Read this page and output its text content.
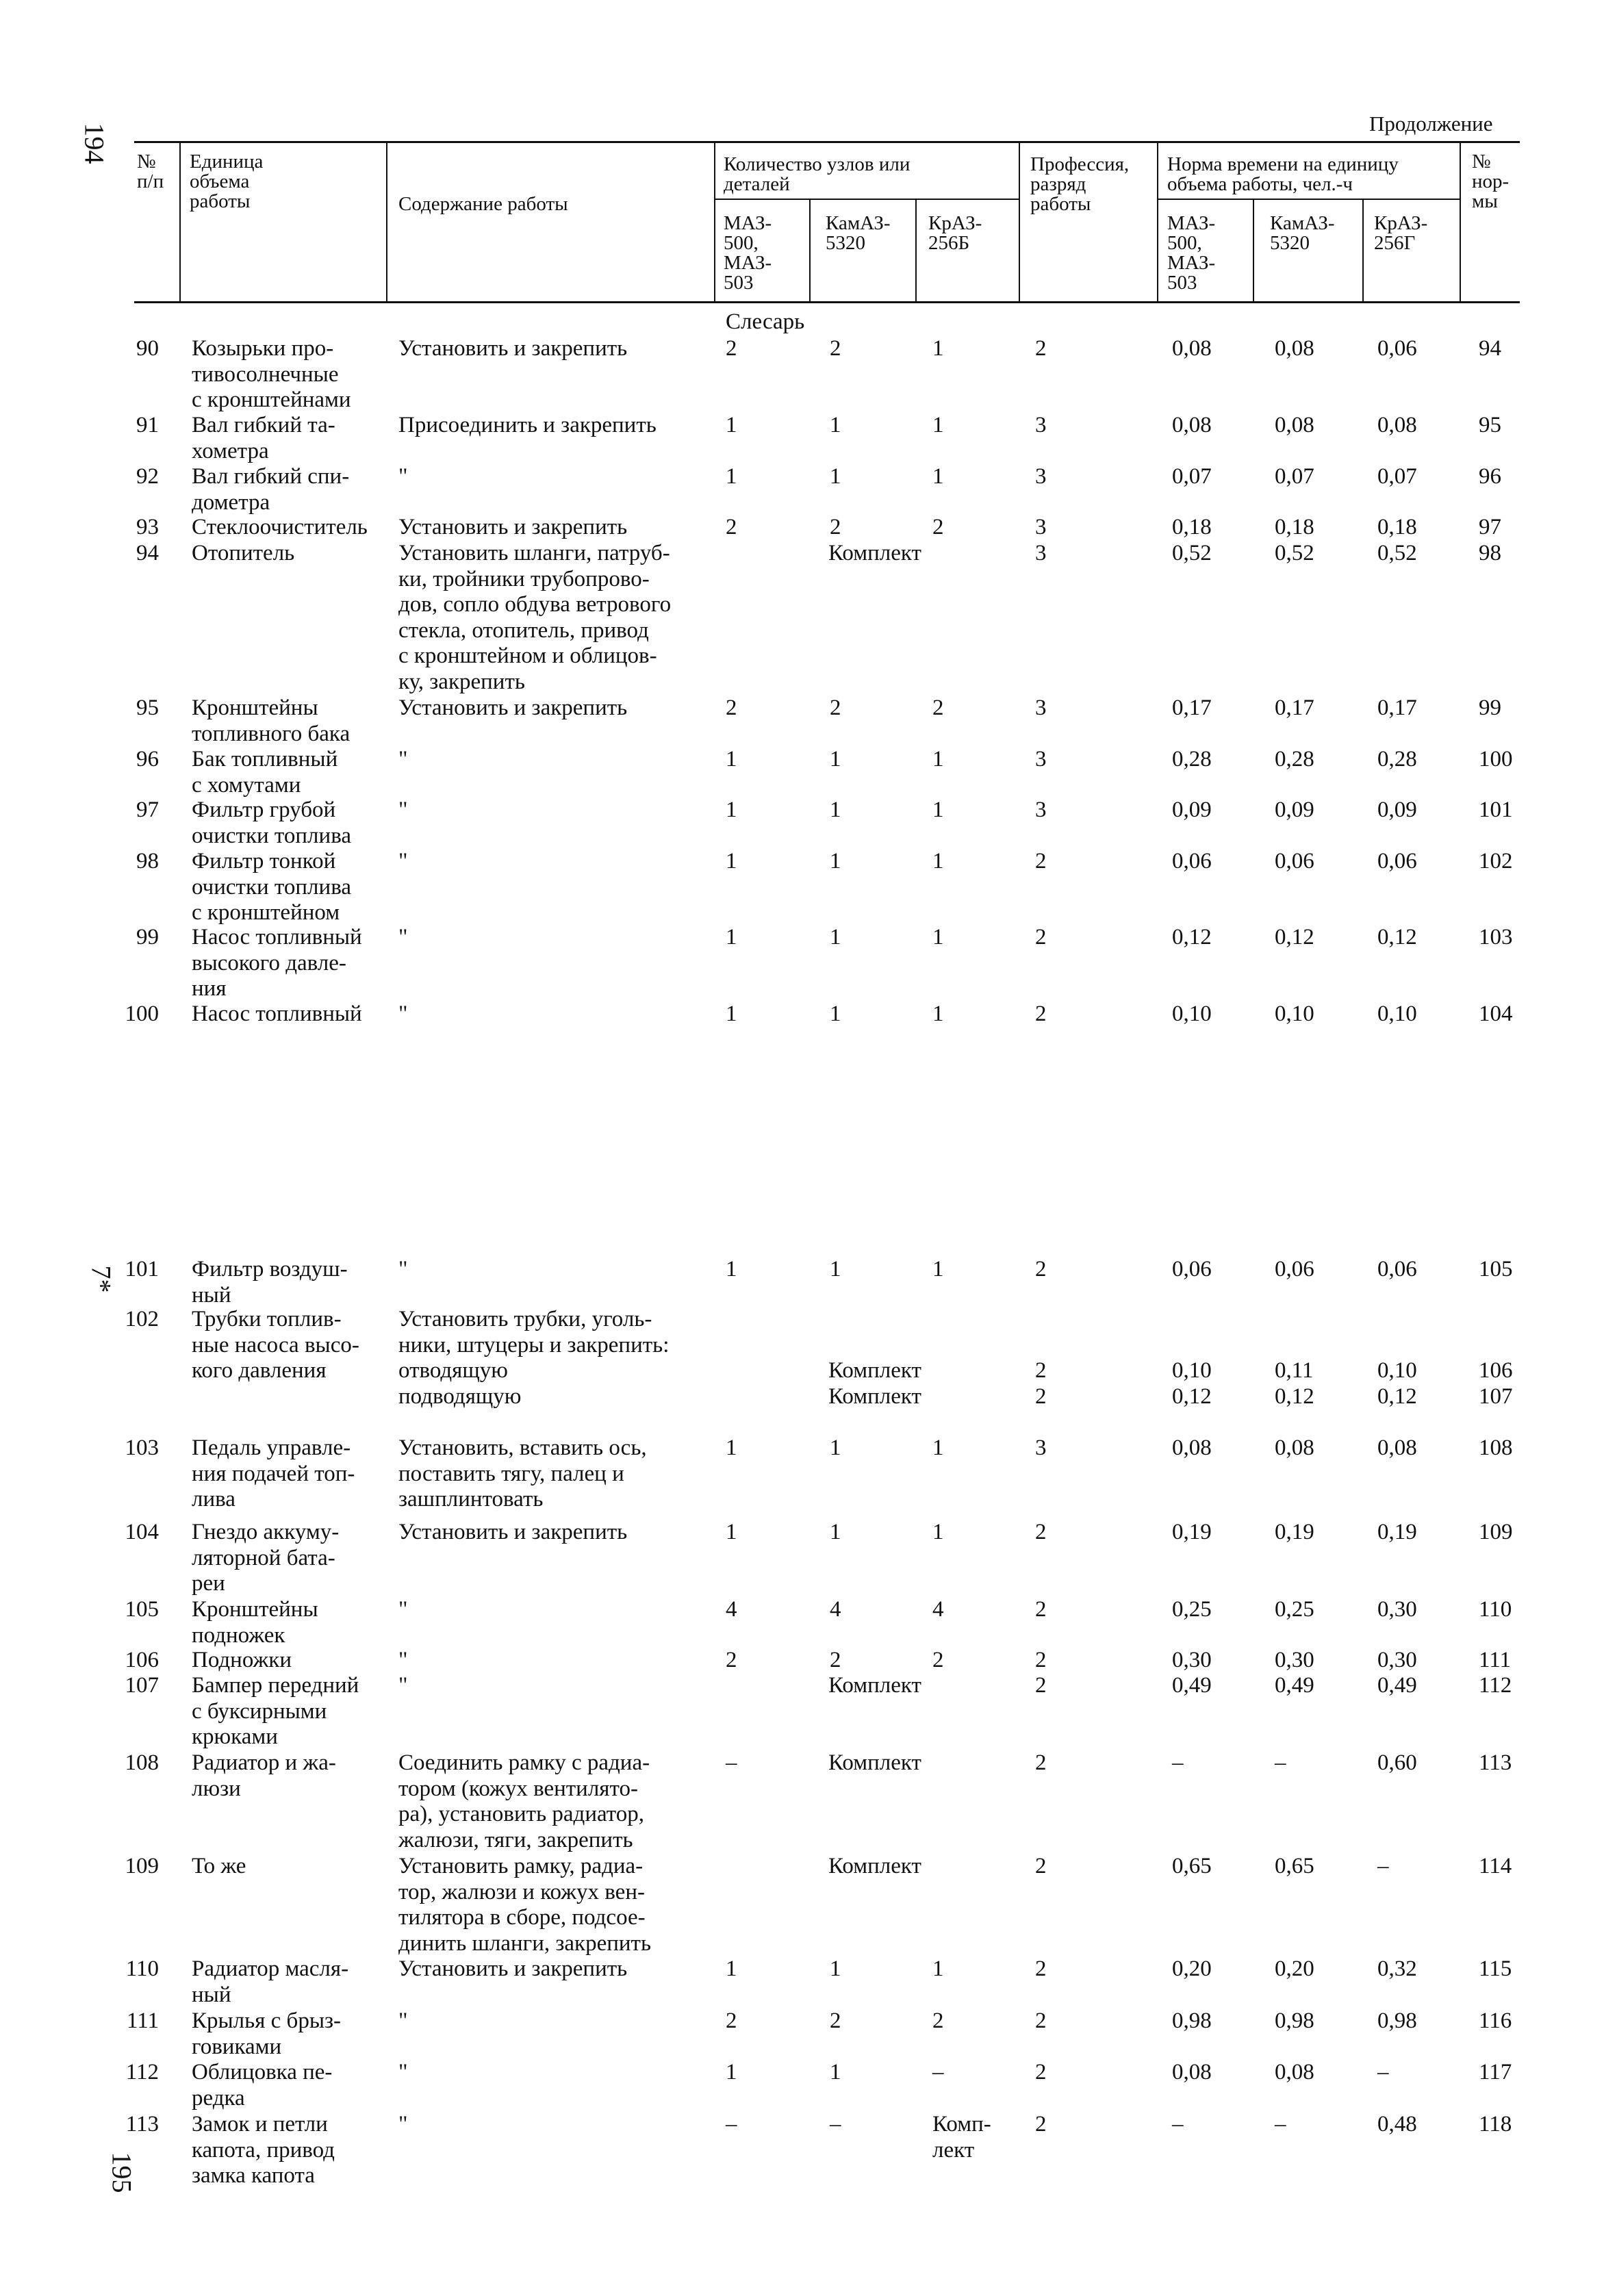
194
195
7*
Продолжение
№
п/п
Единица
объема
работы	Содержание работы
Количество узлов или
деталей
МАЗ-
500,
МАЗ-
503
КамАЗ-
5320
КрАЗ-
256Б
Профессия,
разряд
работы
Норма времени на единицу
объема работы, чел.-ч
МАЗ-
500,
МАЗ-
503
КамАЗ-
5320
КрАЗ-
256Г
№
нор-
мы
Слесарь
90 Козырьки про-
тивосолнечные
с кронштейнами
Установить и закрепить	2	2	1	2	0,08	0,08	0,06	94
91 Вал гибкий та-
хометра
Присоединить и закрепить	1	1	1	3	0,08	0,08	0,08	95
92 Вал гибкий спи-
дометра
"	1	1	1	3	0,07	0,07	0,07	96
93 Стеклоочиститель Установить и закрепить	2	2	2	3	0,18	0,18	0,18	97
94 Отопитель	Установить шланги, патруб-
ки, тройники трубопрово-
дов, сопло обдува ветрового
стекла, отопитель, привод
с кронштейном и облицов-
ку, закрепить
Комплект	3	0,52	0,52	0,52	98
95 Кронштейны
топливного бака
Установить и закрепить	2	2	2	3	0,17	0,17	0,17	99
96 Бак топливный
с хомутами
"	1	1	1	3	0,28	0,28	0,28	100
97 Фильтр грубой
очистки топлива
"	1	1	1	3	0,09	0,09	0,09	101
98 Фильтр тонкой
очистки топлива
с кронштейном
"	1	1	1	2	0,06	0,06	0,06	102
99 Насос топливный
высокого давле-
ния
"	1	1	1	2	0,12	0,12	0,12	103
100 Насос топливный "	1	1	1	2	0,10	0,10	0,10	104
101 Фильтр воздуш-
ный
"	1	1	1	2	0,06	0,06	0,06	105
102 Трубки топлив-
ные насоса высо-
кого давления
Установить трубки, уголь-
ники, штуцеры и закрепить:
отводящую
подводящую

Комплект
Комплект

2
2

0,10
0,12

0,11
0,12

0,10
0,12

106
107
103 Педаль управле-
ния подачей топ-
лива
Установить, вставить ось,
поставить тягу, палец и
зашплинтовать
1	1	1	3	0,08	0,08	0,08	108
104 Гнездо аккуму-
ляторной бата-
реи
Установить и закрепить	1	1	1	2	0,19	0,19	0,19	109
105 Кронштейны
подножек
"	4	4	4	2	0,25	0,25	0,30	110
106 Подножки	"	2	2	2	2	0,30	0,30	0,30	111
107 Бампер передний
с буксирными
крюками
"	Комплект	2	0,49	0,49	0,49	112
108 Радиатор и жа-
люзи
Соединить рамку с радиа-
тором (кожух вентилято-
ра), установить радиатор,
жалюзи, тяги, закрепить
–	Комплект	2	–	–	0,60	113
109 То же	Установить рамку, радиа-
тор, жалюзи и кожух вен-
тилятора в сборе, подсое-
динить шланги, закрепить
Комплект	2	0,65	0,65	–	114
110 Радиатор масля-
ный
Установить и закрепить	1	1	1	2	0,20	0,20	0,32	115
111 Крылья с брыз-
говиками
"	2	2	2	2	0,98	0,98	0,98	116
112 Облицовка пе-
редка
"	1	1	–	2	0,08	0,08	–	117
113 Замок и петли
капота, привод
замка капота
"	–	–	Комп-
лект
2	–	–	0,48	118
